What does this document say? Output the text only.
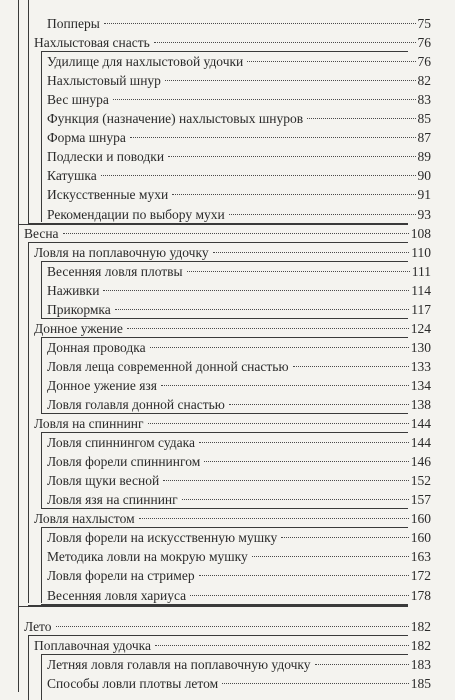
Попперы	75
Нахлыстовая снасть	76
Удилище для нахлыстовой удочки	76
Нахлыстовый шнур	82
Вес шнура	83
Функция (назначение) нахлыстовых шнуров	85
Форма шнура	87
Подлески и поводки	89
Катушка	90
Искусственные мухи	91
Рекомендации по выбору мухи	93
Весна	108
Ловля на поплавочную удочку	110
Весенняя ловля плотвы	111
Наживки	114
Прикормка	117
Донное ужение	124
Донная проводка	130
Ловля леща современной донной снастью	133
Донное ужение язя	134
Ловля голавля донной снастью	138
Ловля на спиннинг	144
Ловля спиннингом судака	144
Ловля форели спиннингом	146
Ловля щуки весной	152
Ловля язя на спиннинг	157
Ловля нахлыстом	160
Ловля форели на искусственную мушку	160
Методика ловли на мокрую мушку	163
Ловля форели на стример	172
Весенняя ловля хариуса	178
Лето	182
Поплавочная удочка	182
Летняя ловля голавля на поплавочную удочку	183
Способы ловли плотвы летом	185
